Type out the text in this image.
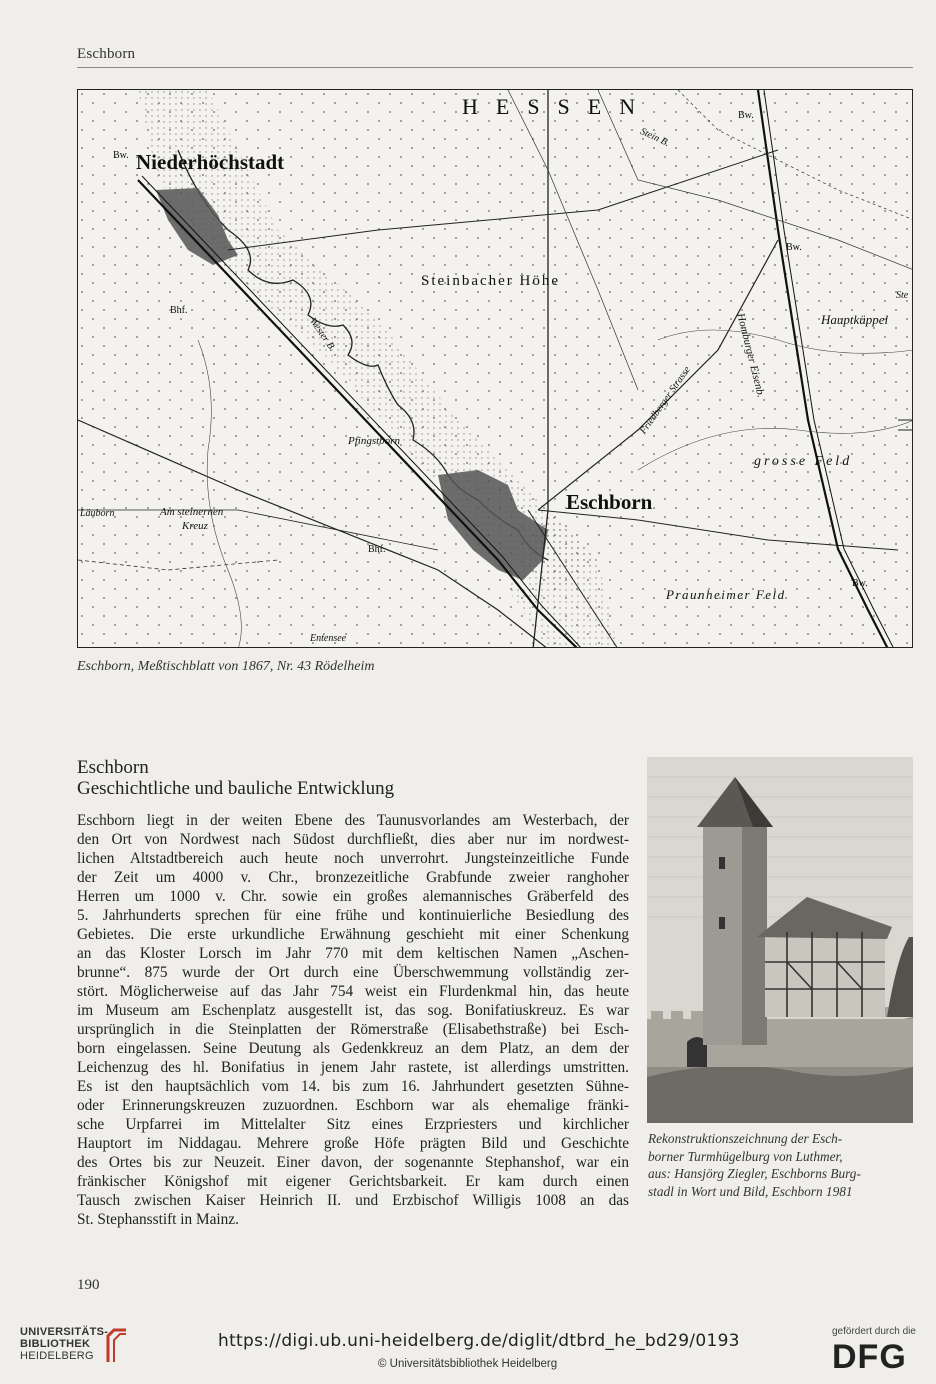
Eschborn
HESSEN
Niederhöchstadt
Steinbacher Höhe
Hauptküppel
grosse Feld
Eschborn
Praunheimer Feld
Am steinernen
Kreuz
Läuborn
Entensee
Pfingstborn
Bhf.
Bhf.
Bw.
Bw.
Bw.
Bw.
Homburger Eisenb.
Friedberger Strasse
Wester B.
Stein B.
Ste
Eschborn, Meßtischblatt von 1867, Nr. 43 Rödelheim
Eschborn
Geschichtliche und bauliche Entwicklung
Eschborn liegt in der weiten Ebene des Taunusvorlandes am Westerbach, der
den Ort von Nordwest nach Südost durchfließt, dies aber nur im nordwest-
lichen Altstadtbereich auch heute noch unverrohrt. Jungsteinzeitliche Funde
der Zeit um 4000 v. Chr., bronzezeitliche Grabfunde zweier ranghoher
Herren um 1000 v. Chr. sowie ein großes alemannisches Gräberfeld des
5. Jahrhunderts sprechen für eine frühe und kontinuierliche Besiedlung des
Gebietes. Die erste urkundliche Erwähnung geschieht mit einer Schenkung
an das Kloster Lorsch im Jahr 770 mit dem keltischen Namen „Aschen-
brunne“. 875 wurde der Ort durch eine Überschwemmung vollständig zer-
stört. Möglicherweise auf das Jahr 754 weist ein Flurdenkmal hin, das heute
im Museum am Eschenplatz ausgestellt ist, das sog. Bonifatiuskreuz. Es war
ursprünglich in die Steinplatten der Römerstraße (Elisabethstraße) bei Esch-
born eingelassen. Seine Deutung als Gedenkkreuz an dem Platz, an dem der
Leichenzug des hl. Bonifatius in jenem Jahr rastete, ist allerdings umstritten.
Es ist den hauptsächlich vom 14. bis zum 16. Jahrhundert gesetzten Sühne-
oder Erinnerungskreuzen zuzuordnen. Eschborn war als ehemalige fränki-
sche Urpfarrei im Mittelalter Sitz eines Erzpriesters und kirchlicher
Hauptort im Niddagau. Mehrere große Höfe prägten Bild und Geschichte
des Ortes bis zur Neuzeit. Einer davon, der sogenannte Stephanshof, war ein
fränkischer Königshof mit eigener Gerichtsbarkeit. Er kam durch einen
Tausch zwischen Kaiser Heinrich II. und Erzbischof Willigis 1008 an das
St. Stephansstift in Mainz.
Rekonstruktionszeichnung der Esch-
borner Turmhügelburg von Luthmer,
aus: Hansjörg Ziegler, Eschborns Burg-
stadl in Wort und Bild, Eschborn 1981
190
UNIVERSITÄTS-
BIBLIOTHEK
HEIDELBERG
https://digi.ub.uni-heidelberg.de/diglit/dtbrd_he_bd29/0193
© Universitätsbibliothek Heidelberg
gefördert durch die
DFG
